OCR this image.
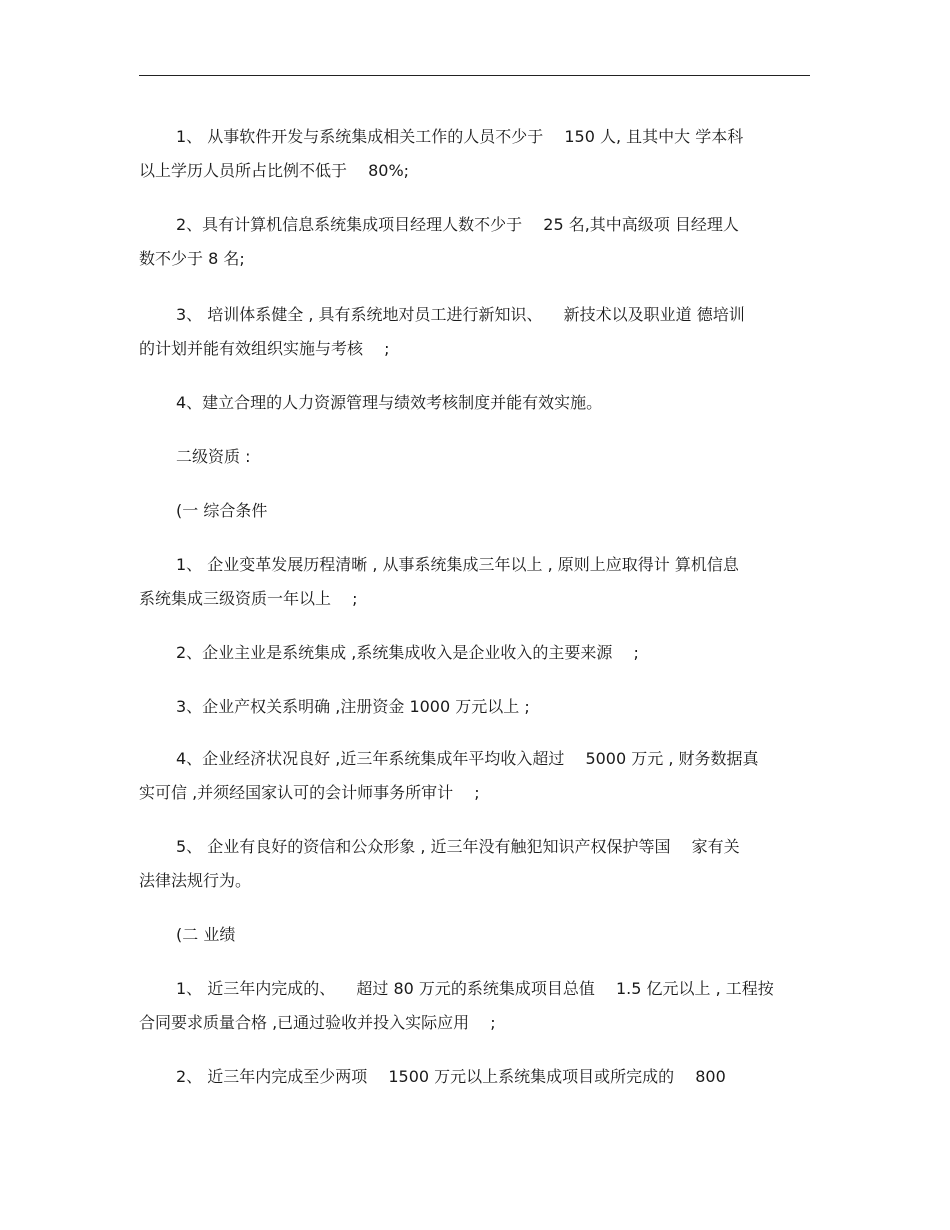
1、 从事软件开发与系统集成相关工作的人员不少于 　150 人, 且其中大 学本科
以上学历人员所占比例不低于 　80%;
2、具有计算机信息系统集成项目经理人数不少于 　25 名,其中高级项 目经理人
数不少于 8 名;
3、 培训体系健全 , 具有系统地对员工进行新知识、 　新技术以及职业道 德培训
的计划并能有效组织实施与考核 　;
4、建立合理的人力资源管理与绩效考核制度并能有效实施。
二级资质 :
(一 综合条件
1、 企业变革发展历程清晰 , 从事系统集成三年以上 , 原则上应取得计 算机信息
系统集成三级资质一年以上 　;
2、企业主业是系统集成 ,系统集成收入是企业收入的主要来源 　;
3、企业产权关系明确 ,注册资金 1000 万元以上 ;
4、企业经济状况良好 ,近三年系统集成年平均收入超过 　5000 万元 , 财务数据真
实可信 ,并须经国家认可的会计师事务所审计 　;
5、 企业有良好的资信和公众形象 , 近三年没有触犯知识产权保护等国 　家有关
法律法规行为。
(二 业绩
1、 近三年内完成的、 　超过 80 万元的系统集成项目总值 　1.5 亿元以上 , 工程按
合同要求质量合格 ,已通过验收并投入实际应用 　;
2、 近三年内完成至少两项 　1500 万元以上系统集成项目或所完成的 　800
